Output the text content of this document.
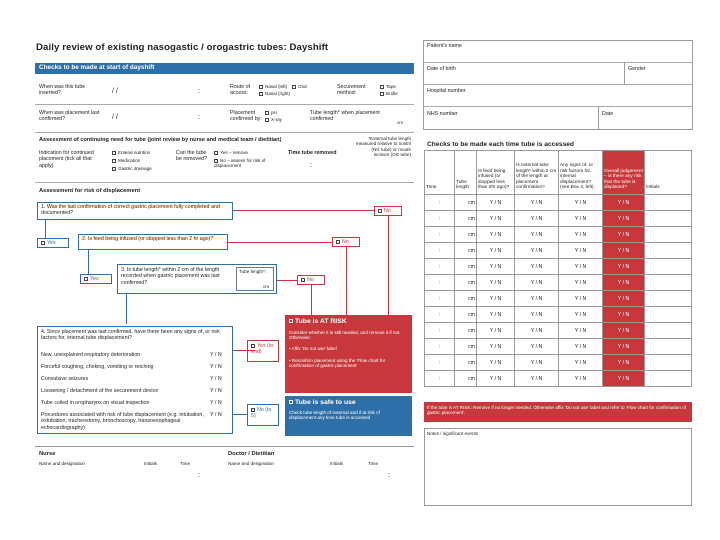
Daily review of existing nasogastic / orogastric tubes: Dayshift
Checks to be made at start of dayshift
When was this tube inserted?	/ /	:
Route of access:
Nasal (left)
Nasal (right)
Oral	Securement method:
Tape
Bridle
When was placement last confirmed?	/ /	:
Placement confirmed by:
pH
X-ray
Tube length* when placement confirmed
cm
Assessment of continuing need for tube (joint review by nurse and medical team / dietitian)	*External tube length measured relative to nostril (NG tube) or mouth incisors (OG tube)
Indication for continued placement (tick all that apply)
Enteral nutrition
Medication
Gastric drainage
Can the tube be removed?
Yes – remove
No – assess for risk of displacement
Time tube removed
:
Assessment for risk of displacement
1. Was the last confirmation of correct gastric placement fully completed and documented?	No
Yes
2. Is feed being infused (or stopped less than 2 hr ago)?	No
Yes
3. Is tube length* within 2 cm of the length recorded when gastric placement was last confirmed?
Tube length*:
cm
No
4. Since placement was last confirmed, have there been any signs of, or risk factors for, internal tube displacement?
New, unexplained respiratory deterioration	Y / N
Forceful coughing, choking, vomiting or retching	Y / N
Convulsive seizures	Y / N
Loosening / detachment of the securement device	Y / N
Tube coiled in oropharynx on visual inspection	Y / N
Procedures associated with risk of tube displacement (e.g. intubation, extubation, tracheostomy, bronchoscopy, transoesophageal echocardiography)
Y / N
Yes (to end)
No (to 5)
Tube is AT RISK
Consider whether it is still needed, and remove it if not. Otherwise:
• Affix 'Do not use' label
• Reconfirm placement using the 'Flow chart for confirmation of gastric placement'
Tube is safe to use
Check tube length of external and if at risk of displacement any time tube is accessed
Nurse
Name and designation	Initials	Time
:
Doctor / Dietitian
Name and designation	Initials	Time
:
Patient's name
Date of birth	Gender
Hospital number
NHS number	Date
Checks to be made each time tube is accessed
Time	Tube length	Is feed being infused (or stopped less than 2hr ago)?	Is external tube length* within 2 cm of the length at placement confirmation?	Any signs of, or risk factors for, internal displacement? (see Box 4, left)	Overall judgement – is there any risk that the tube is displaced?	Initials
:	cm	Y / N	Y / N	Y / N	Y / N	
:	cm	Y / N	Y / N	Y / N	Y / N	
:	cm	Y / N	Y / N	Y / N	Y / N	
:	cm	Y / N	Y / N	Y / N	Y / N	
:	cm	Y / N	Y / N	Y / N	Y / N	
:	cm	Y / N	Y / N	Y / N	Y / N	
:	cm	Y / N	Y / N	Y / N	Y / N	
:	cm	Y / N	Y / N	Y / N	Y / N	
:	cm	Y / N	Y / N	Y / N	Y / N	
:	cm	Y / N	Y / N	Y / N	Y / N	
:	cm	Y / N	Y / N	Y / N	Y / N	
:	cm	Y / N	Y / N	Y / N	Y / N	
If the tube is AT RISK: Remove if no longer needed. Otherwise affix 'Do not use' label and refer to 'Flow chart for confirmation of gastric placement'.
Notes / significant events
